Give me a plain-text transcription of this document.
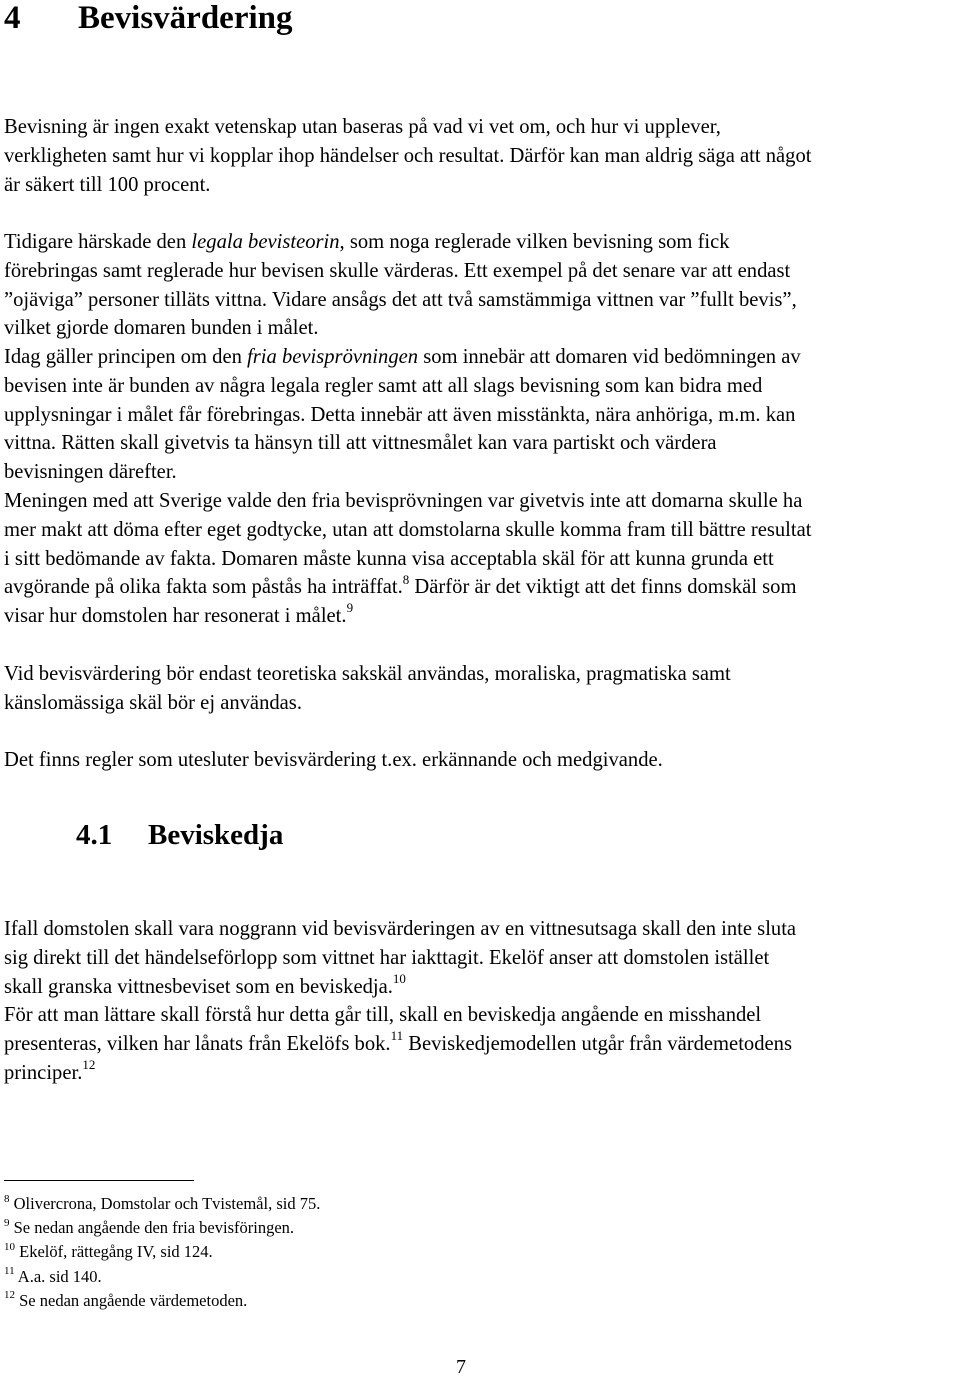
4 Bevisvärdering
Bevisning är ingen exakt vetenskap utan baseras på vad vi vet om, och hur vi upplever,
verkligheten samt hur vi kopplar ihop händelser och resultat. Därför kan man aldrig säga att något
är säkert till 100 procent.
Tidigare härskade den legala bevisteorin, som noga reglerade vilken bevisning som fick
förebringas samt reglerade hur bevisen skulle värderas. Ett exempel på det senare var att endast
”ojäviga” personer tilläts vittna. Vidare ansågs det att två samstämmiga vittnen var ”fullt bevis”,
vilket gjorde domaren bunden i målet.
Idag gäller principen om den fria bevisprövningen som innebär att domaren vid bedömningen av
bevisen inte är bunden av några legala regler samt att all slags bevisning som kan bidra med
upplysningar i målet får förebringas. Detta innebär att även misstänkta, nära anhöriga, m.m. kan
vittna. Rätten skall givetvis ta hänsyn till att vittnesmålet kan vara partiskt och värdera
bevisningen därefter.
Meningen med att Sverige valde den fria bevisprövningen var givetvis inte att domarna skulle ha
mer makt att döma efter eget godtycke, utan att domstolarna skulle komma fram till bättre resultat
i sitt bedömande av fakta. Domaren måste kunna visa acceptabla skäl för att kunna grunda ett
avgörande på olika fakta som påstås ha inträffat.$^8$ Därför är det viktigt att det finns domskäl som
visar hur domstolen har resonerat i målet.$^9$
Vid bevisvärdering bör endast teoretiska sakskäl användas, moraliska, pragmatiska samt
känslomässiga skäl bör ej användas.
Det finns regler som utesluter bevisvärdering t.ex. erkännande och medgivande.
4.1 Beviskedja
Ifall domstolen skall vara noggrann vid bevisvärderingen av en vittnesutsaga skall den inte sluta
sig direkt till det händelseförlopp som vittnet har iakttagit. Ekelöf anser att domstolen istället
skall granska vittnesbeviset som en beviskedja.$^{10}$
För att man lättare skall förstå hur detta går till, skall en beviskedja angående en misshandel
presenteras, vilken har lånats från Ekelöfs bok.$^{11}$ Beviskedjemodellen utgår från värdemetodens
principer.$^{12}$
$^8$ Olivercrona, Domstolar och Tvistemål, sid 75.
$^9$ Se nedan angående den fria bevisföringen.
$^{10}$ Ekelöf, rättegång IV, sid 124.
$^{11}$ A.a. sid 140.
$^{12}$ Se nedan angående värdemetoden.
7
